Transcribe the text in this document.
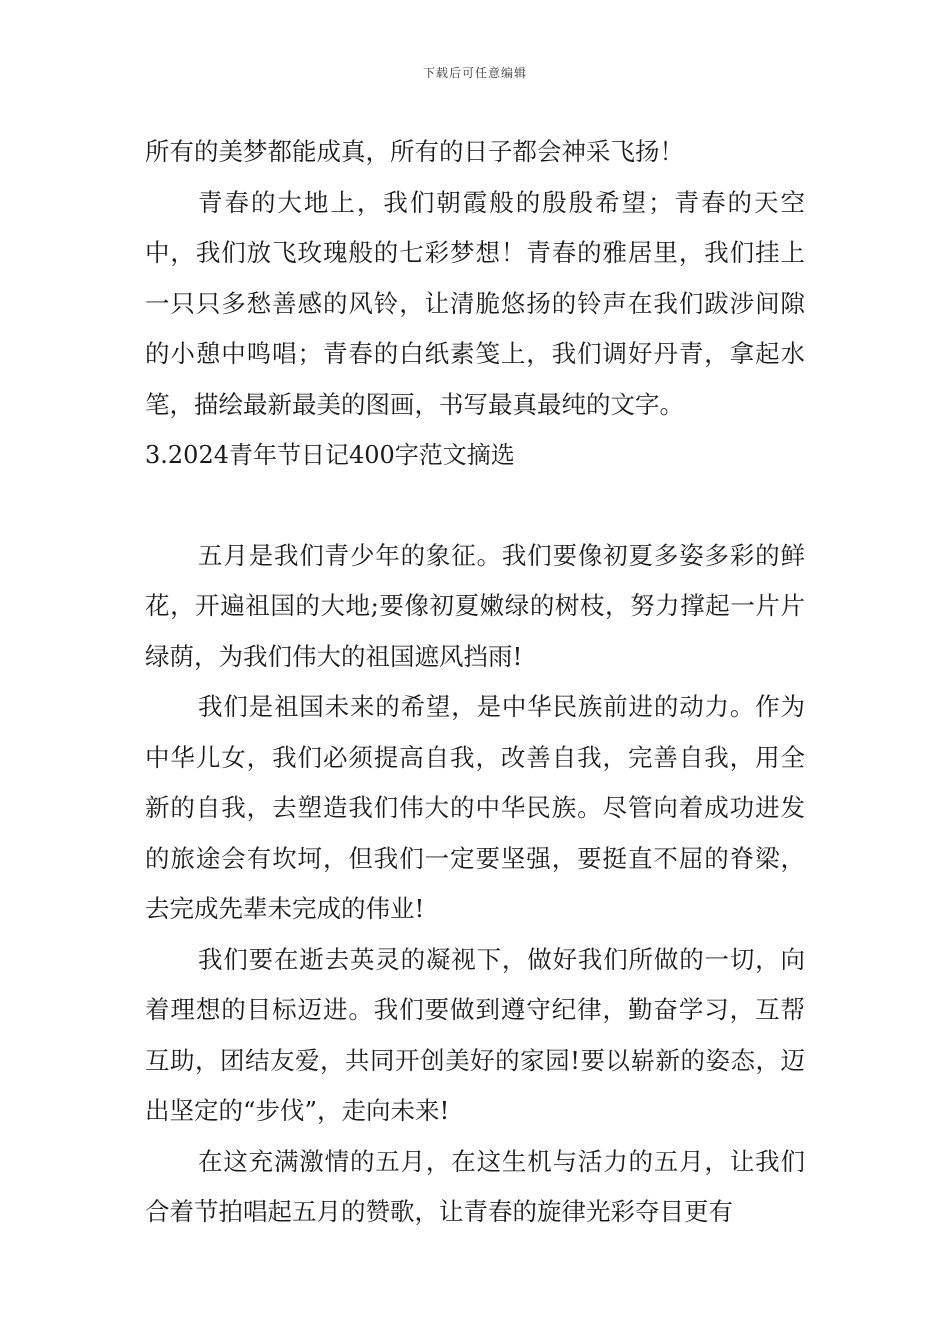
下载后可任意编辑

所有的美梦都能成真，所有的日子都会神采飞扬！

青春的大地上，我们朝霞般的殷殷希望；青春的天空中，我们放飞玫瑰般的七彩梦想！青春的雅居里，我们挂上一只只多愁善感的风铃，让清脆悠扬的铃声在我们跋涉间隙的小憩中鸣唱；青春的白纸素笺上，我们调好丹青，拿起水笔，描绘最新最美的图画，书写最真最纯的文字。

3.2024青年节日记400字范文摘选

五月是我们青少年的象征。我们要像初夏多姿多彩的鲜花，开遍祖国的大地;要像初夏嫩绿的树枝，努力撑起一片片绿荫，为我们伟大的祖国遮风挡雨!

我们是祖国未来的希望，是中华民族前进的动力。作为中华儿女，我们必须提高自我，改善自我，完善自我，用全新的自我，去塑造我们伟大的中华民族。尽管向着成功进发的旅途会有坎坷，但我们一定要坚强，要挺直不屈的脊梁，去完成先辈未完成的伟业!

我们要在逝去英灵的凝视下，做好我们所做的一切，向着理想的目标迈进。我们要做到遵守纪律，勤奋学习，互帮互助，团结友爱，共同开创美好的家园!要以崭新的姿态，迈出坚定的“步伐”，走向未来!

在这充满激情的五月，在这生机与活力的五月，让我们合着节拍唱起五月的赞歌，让青春的旋律光彩夺目更有
